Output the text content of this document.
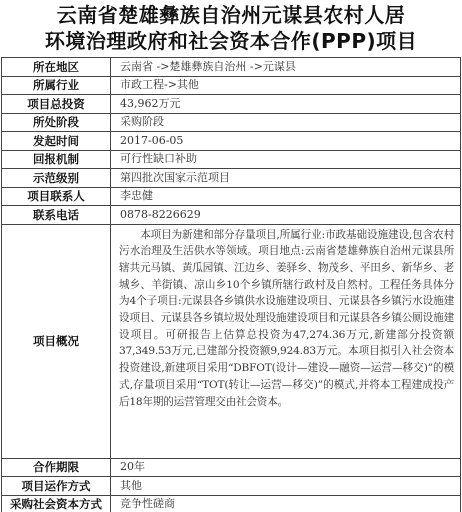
云南省楚雄彝族自治州元谋县农村人居
环境治理政府和社会资本合作(PPP)项目
所在地区	云南省 ->楚雄彝族自治州 ->元谋县
所属行业	市政工程->其他
项目总投资	43,962万元
所处阶段	采购阶段
发起时间	2017-06-05
回报机制	可行性缺口补助
示范级别	第四批次国家示范项目
项目联系人	李忠健
联系电话	0878-8226629
项目概况	本项目为新建和部分存量项目,所属行业:市政基础设施建设,包含农村污水治理及生活供水等领域。项目地点:云南省楚雄彝族自治州元谋县所辖共元马镇、黄瓜园镇、江边乡、姜驿乡、物茂乡、平田乡、新华乡、老城乡、羊街镇、凉山乡10个乡镇所辖行政村及自然村。工程任务具体分为4个子项目:元谋县各乡镇供水设施建设项目、元谋县各乡镇污水设施建设项目、元谋县各乡镇垃圾处理设施建设项目和元谋县各乡镇公厕设施建设项目。可研报告上估算总投资为47,274.36万元,新建部分投资额37,349.53万元,已建部分投资额9,924.83万元。本项目拟引入社会资本投资建设,新建项目采用“DBFOT(设计—建设—融资—运营—移交)”的模式,存量项目采用“TOT(转让—运营—移交)”的模式,并将本工程建成投产后18年期的运营管理交由社会资本。
合作期限	20年
项目运作方式	其他
采购社会资本方式	竞争性磋商
